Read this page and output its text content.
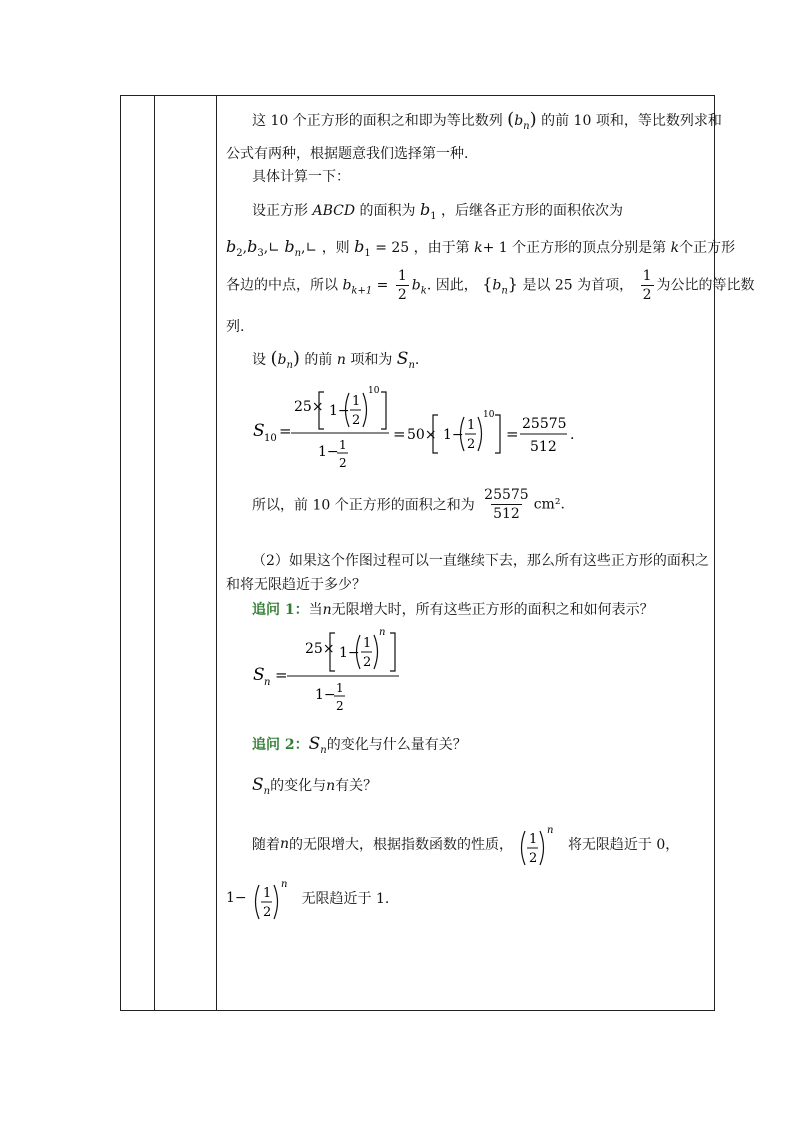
这 10 个正方形的面积之和即为等比数列 $(b_n)$ 的前 10 项和，等比数列求和
公式有两种，根据题意我们选择第一种.
具体计算一下：
设正方形 ABCD 的面积为 $b_1$ ，后继各正方形的面积依次为
$b_2,b_3,∟$ $b_n,∟$ ，则 $b_1 = 25$ ，由于第 k+ 1 个正方形的顶点分别是第 k个正方形
各边的中点，所以 $b_{k+1} = \frac{1}{2} b_k$. 因此， $\{b_n\}$ 是以 25 为首项， $\frac{1}{2}$ 为公比的等比数
列.
设 $(b_n)$ 的前 n 项和为 $S_n$.
S 10 =
25× 1−
1
2
10
1− 1
2
= 50× 1−
1
2
10
=
25575
512
.
所以，前 10 个正方形的面积之和为 $\frac{25575}{512} cm^2$.
（2）如果这个作图过程可以一直继续下去，那么所有这些正方形的面积之
和将无限趋近于多少？
追问 1：当n无限增大时，所有这些正方形的面积之和如何表示？
S n =
25× 1−
1
2
n
1− 1
2
追问 2：$S_n$的变化与什么量有关？
$S_n$的变化与n有关？
随着n的无限增大，根据指数函数的性质， 1
2
n
将无限趋近于 0，
1− 1
2
n
无限趋近于 1.
